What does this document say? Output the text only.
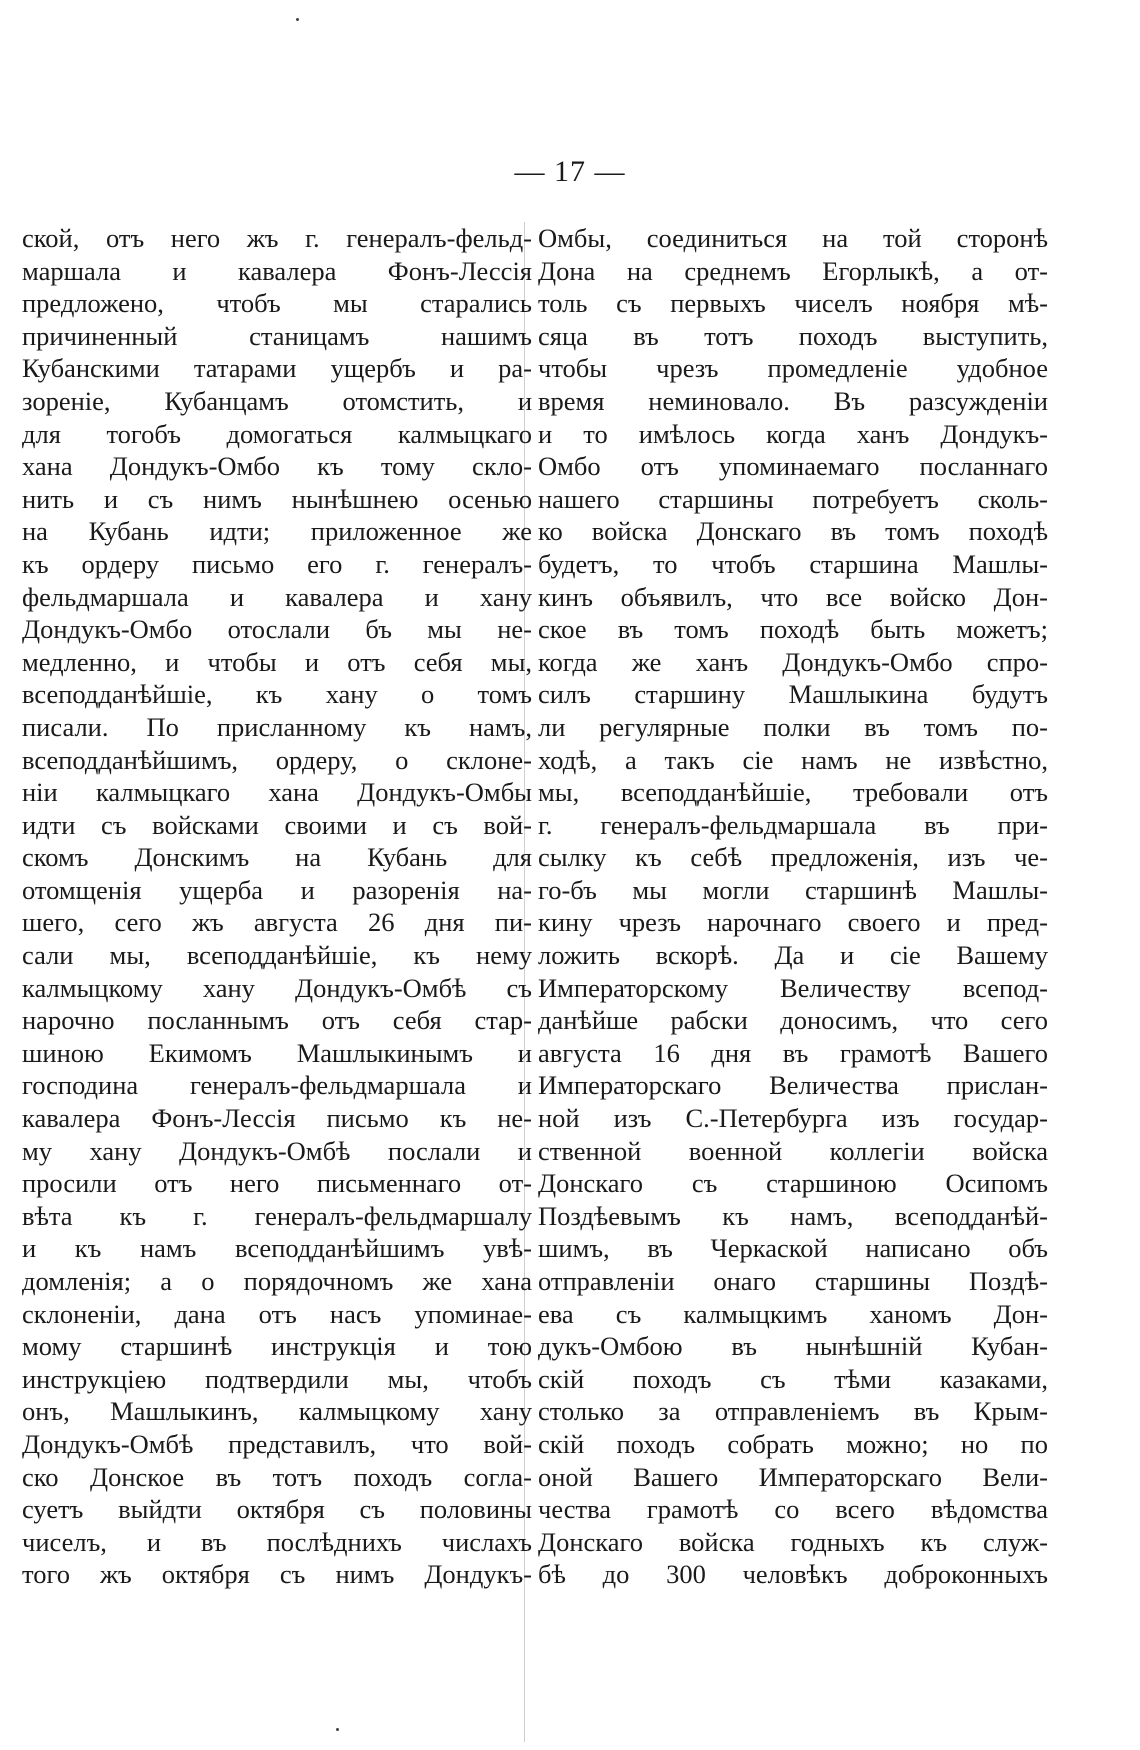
— 17 —
ской, отъ него жъ г. генералъ-фельд-
маршала и кавалера Фонъ-Лессія
предложено, чтобъ мы старались
причиненный станицамъ нашимъ
Кубанскими татарами ущербъ и ра-
зореніе, Кубанцамъ отомстить, и
для тогобъ домогаться калмыцкаго
хана Дондукъ-Омбо къ тому скло-
нить и съ нимъ нынѣшнею осенью
на Кубань идти; приложенное же
къ ордеру письмо его г. генералъ-
фельдмаршала и кавалера и хану
Дондукъ-Омбо отослали бъ мы не-
медленно, и чтобы и отъ себя мы,
всеподданѣйшіе, къ хану о томъ
писали. По присланному къ намъ,
всеподданѣйшимъ, ордеру, о склоне-
ніи калмыцкаго хана Дондукъ-Омбы
идти съ войсками своими и съ вой-
скомъ Донскимъ на Кубань для
отомщенія ущерба и разоренія на-
шего, сего жъ августа 26 дня пи-
сали мы, всеподданѣйшіе, къ нему
калмыцкому хану Дондукъ-Омбѣ съ
нарочно посланнымъ отъ себя стар-
шиною Екимомъ Машлыкинымъ и
господина генералъ-фельдмаршала и
кавалера Фонъ-Лессія письмо къ не-
му хану Дондукъ-Омбѣ послали и
просили отъ него письменнаго от-
вѣта къ г. генералъ-фельдмаршалу
и къ намъ всеподданѣйшимъ увѣ-
домленія; а о порядочномъ же хана
склоненіи, дана отъ насъ упоминае-
мому старшинѣ инструкція и тою
инструкціею подтвердили мы, чтобъ
онъ, Машлыкинъ, калмыцкому хану
Дондукъ-Омбѣ представилъ, что вой-
ско Донское въ тотъ походъ согла-
суетъ выйдти октября съ половины
чиселъ, и въ послѣднихъ числахъ
того жъ октября съ нимъ Дондукъ-
Омбы, соединиться на той сторонѣ
Дона на среднемъ Егорлыкѣ, а от-
толь съ первыхъ чиселъ ноября мѣ-
сяца въ тотъ походъ выступить,
чтобы чрезъ промедленіе удобное
время неминовало. Въ разсужденіи
и то имѣлось когда ханъ Дондукъ-
Омбо отъ упоминаемаго посланнаго
нашего старшины потребуетъ сколь-
ко войска Донскаго въ томъ походѣ
будетъ, то чтобъ старшина Машлы-
кинъ объявилъ, что все войско Дон-
ское въ томъ походѣ быть можетъ;
когда же ханъ Дондукъ-Омбо спро-
силъ старшину Машлыкина будутъ
ли регулярные полки въ томъ по-
ходѣ, а такъ сіе намъ не извѣстно,
мы, всеподданѣйшіе, требовали отъ
г. генералъ-фельдмаршала въ при-
сылку къ себѣ предложенія, изъ че-
го-бъ мы могли старшинѣ Машлы-
кину чрезъ нарочнаго своего и пред-
ложить вскорѣ. Да и сіе Вашему
Императорскому Величеству всепод-
данѣйше рабски доносимъ, что сего
августа 16 дня въ грамотѣ Вашего
Императорскаго Величества прислан-
ной изъ С.-Петербурга изъ государ-
ственной военной коллегіи войска
Донскаго съ старшиною Осипомъ
Поздѣевымъ къ намъ, всеподданѣй-
шимъ, въ Черкаской написано объ
отправленіи онаго старшины Поздѣ-
ева съ калмыцкимъ ханомъ Дон-
дукъ-Омбою въ нынѣшній Кубан-
скій походъ съ тѣми казаками,
столько за отправленіемъ въ Крым-
скій походъ собрать можно; но по
оной Вашего Императорскаго Вели-
чества грамотѣ со всего вѣдомства
Донскаго войска годныхъ къ служ-
бѣ до 300 человѣкъ доброконныхъ
